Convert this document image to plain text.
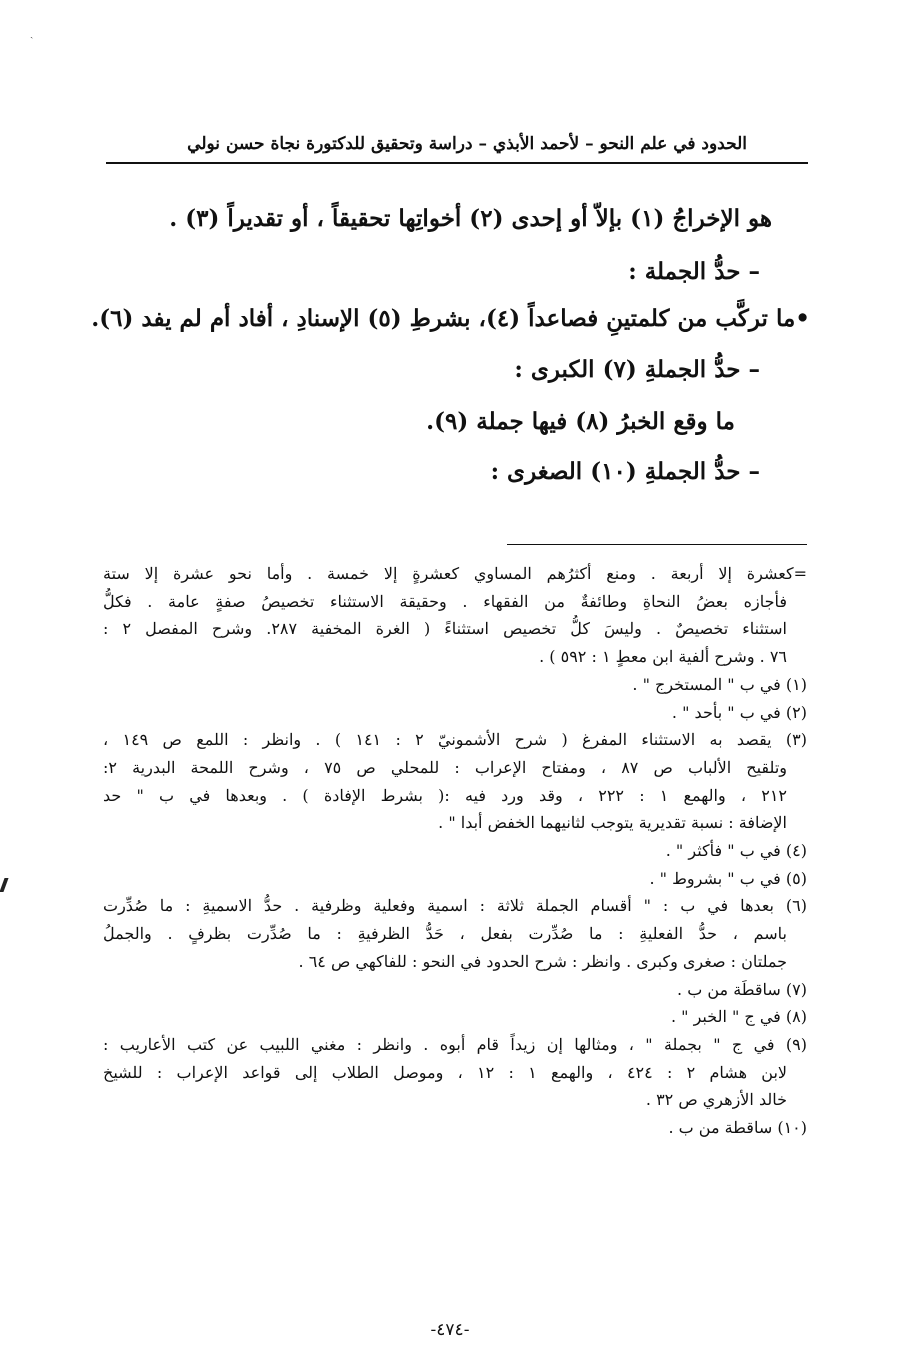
ˏ
الحدود في علم النحو – لأحمد الأبذي – دراسة وتحقيق للدكتورة نجاة حسن نولي
هو الإخراجُ (١) بإلاّ أو إحدى (٢) أخواتِها تحقيقاً ، أو تقديراً (٣) .
– حدُّ الجملة :
•ما تركَّب من كلمتينِ فصاعداً (٤)، بشرطِ (٥) الإسنادِ ، أفاد أم لم يفد (٦).
– حدُّ الجملةِ (٧) الكبرى :
ما وقع الخبرُ (٨) فيها جملة (٩).
– حدُّ الجملةِ (١٠) الصغرى :
=كعشرة إلا أربعة . ومنع أكثرُهم المساوي كعشرةٍ إلا خمسة . وأما نحو عشرة إلا ستة
فأجازه بعضُ النحاةِ وطائفةٌ من الفقهاء . وحقيقة الاستثناء تخصيصُ صفةٍ عامة . فكلُّ
استثناء تخصيصٌ . وليسَ كلُّ تخصيص استثناءً ( الغرة المخفية ٢٨٧. وشرح المفصل ٢ :
٧٦ . وشرح ألفية ابن معطٍ ١ : ٥٩٢ ) .
(١) في ب " المستخرج " .
(٢) في ب " بأحد " .
(٣) يقصد به الاستثناء المفرغ ( شرح الأشمونيّ ٢ : ١٤١ ) . وانظر : اللمع ص ١٤٩ ،
وتلقيح الألباب ص ٨٧ ، ومفتاح الإعراب : للمحلي ص ٧٥ ، وشرح اللمحة البدرية ٢:
٢١٢ ، والهمع ١ : ٢٢٢ ، وقد ورد فيه :( بشرط الإفادة ) . وبعدها في ب " حد
الإضافة : نسبة تقديرية يتوجب لثانيهما الخفض أبدا " .
(٤) في ب " فأكثر " .
(٥) في ب " بشروط " .
(٦) بعدها في ب : " أقسام الجملة ثلاثة : اسمية وفعلية وظرفية . حدُّ الاسميةِ : ما صُدِّرت
باسم ، حدُّ الفعليةِ : ما صُدِّرت بفعل ، حَدُّ الظرفيةِ : ما صُدِّرت بظرفٍ . والجملُ
جملتان : صغرى وكبرى . وانظر : شرح الحدود في النحو : للفاكهي ص ٦٤ .
(٧) ساقطَة من ب .
(٨) في ج " الخبر " .
(٩) في ج " بجملة " ، ومثالها إن زيداً قام أبوه . وانظر : مغني اللبيب عن كتب الأعاريب :
لابن هشام ٢ : ٤٢٤ ، والهمع ١ : ١٢ ، وموصل الطلاب إلى قواعد الإعراب : للشيخ
خالد الأزهري ص ٣٢ .
(١٠) ساقطة من ب .
-٤٧٤-
